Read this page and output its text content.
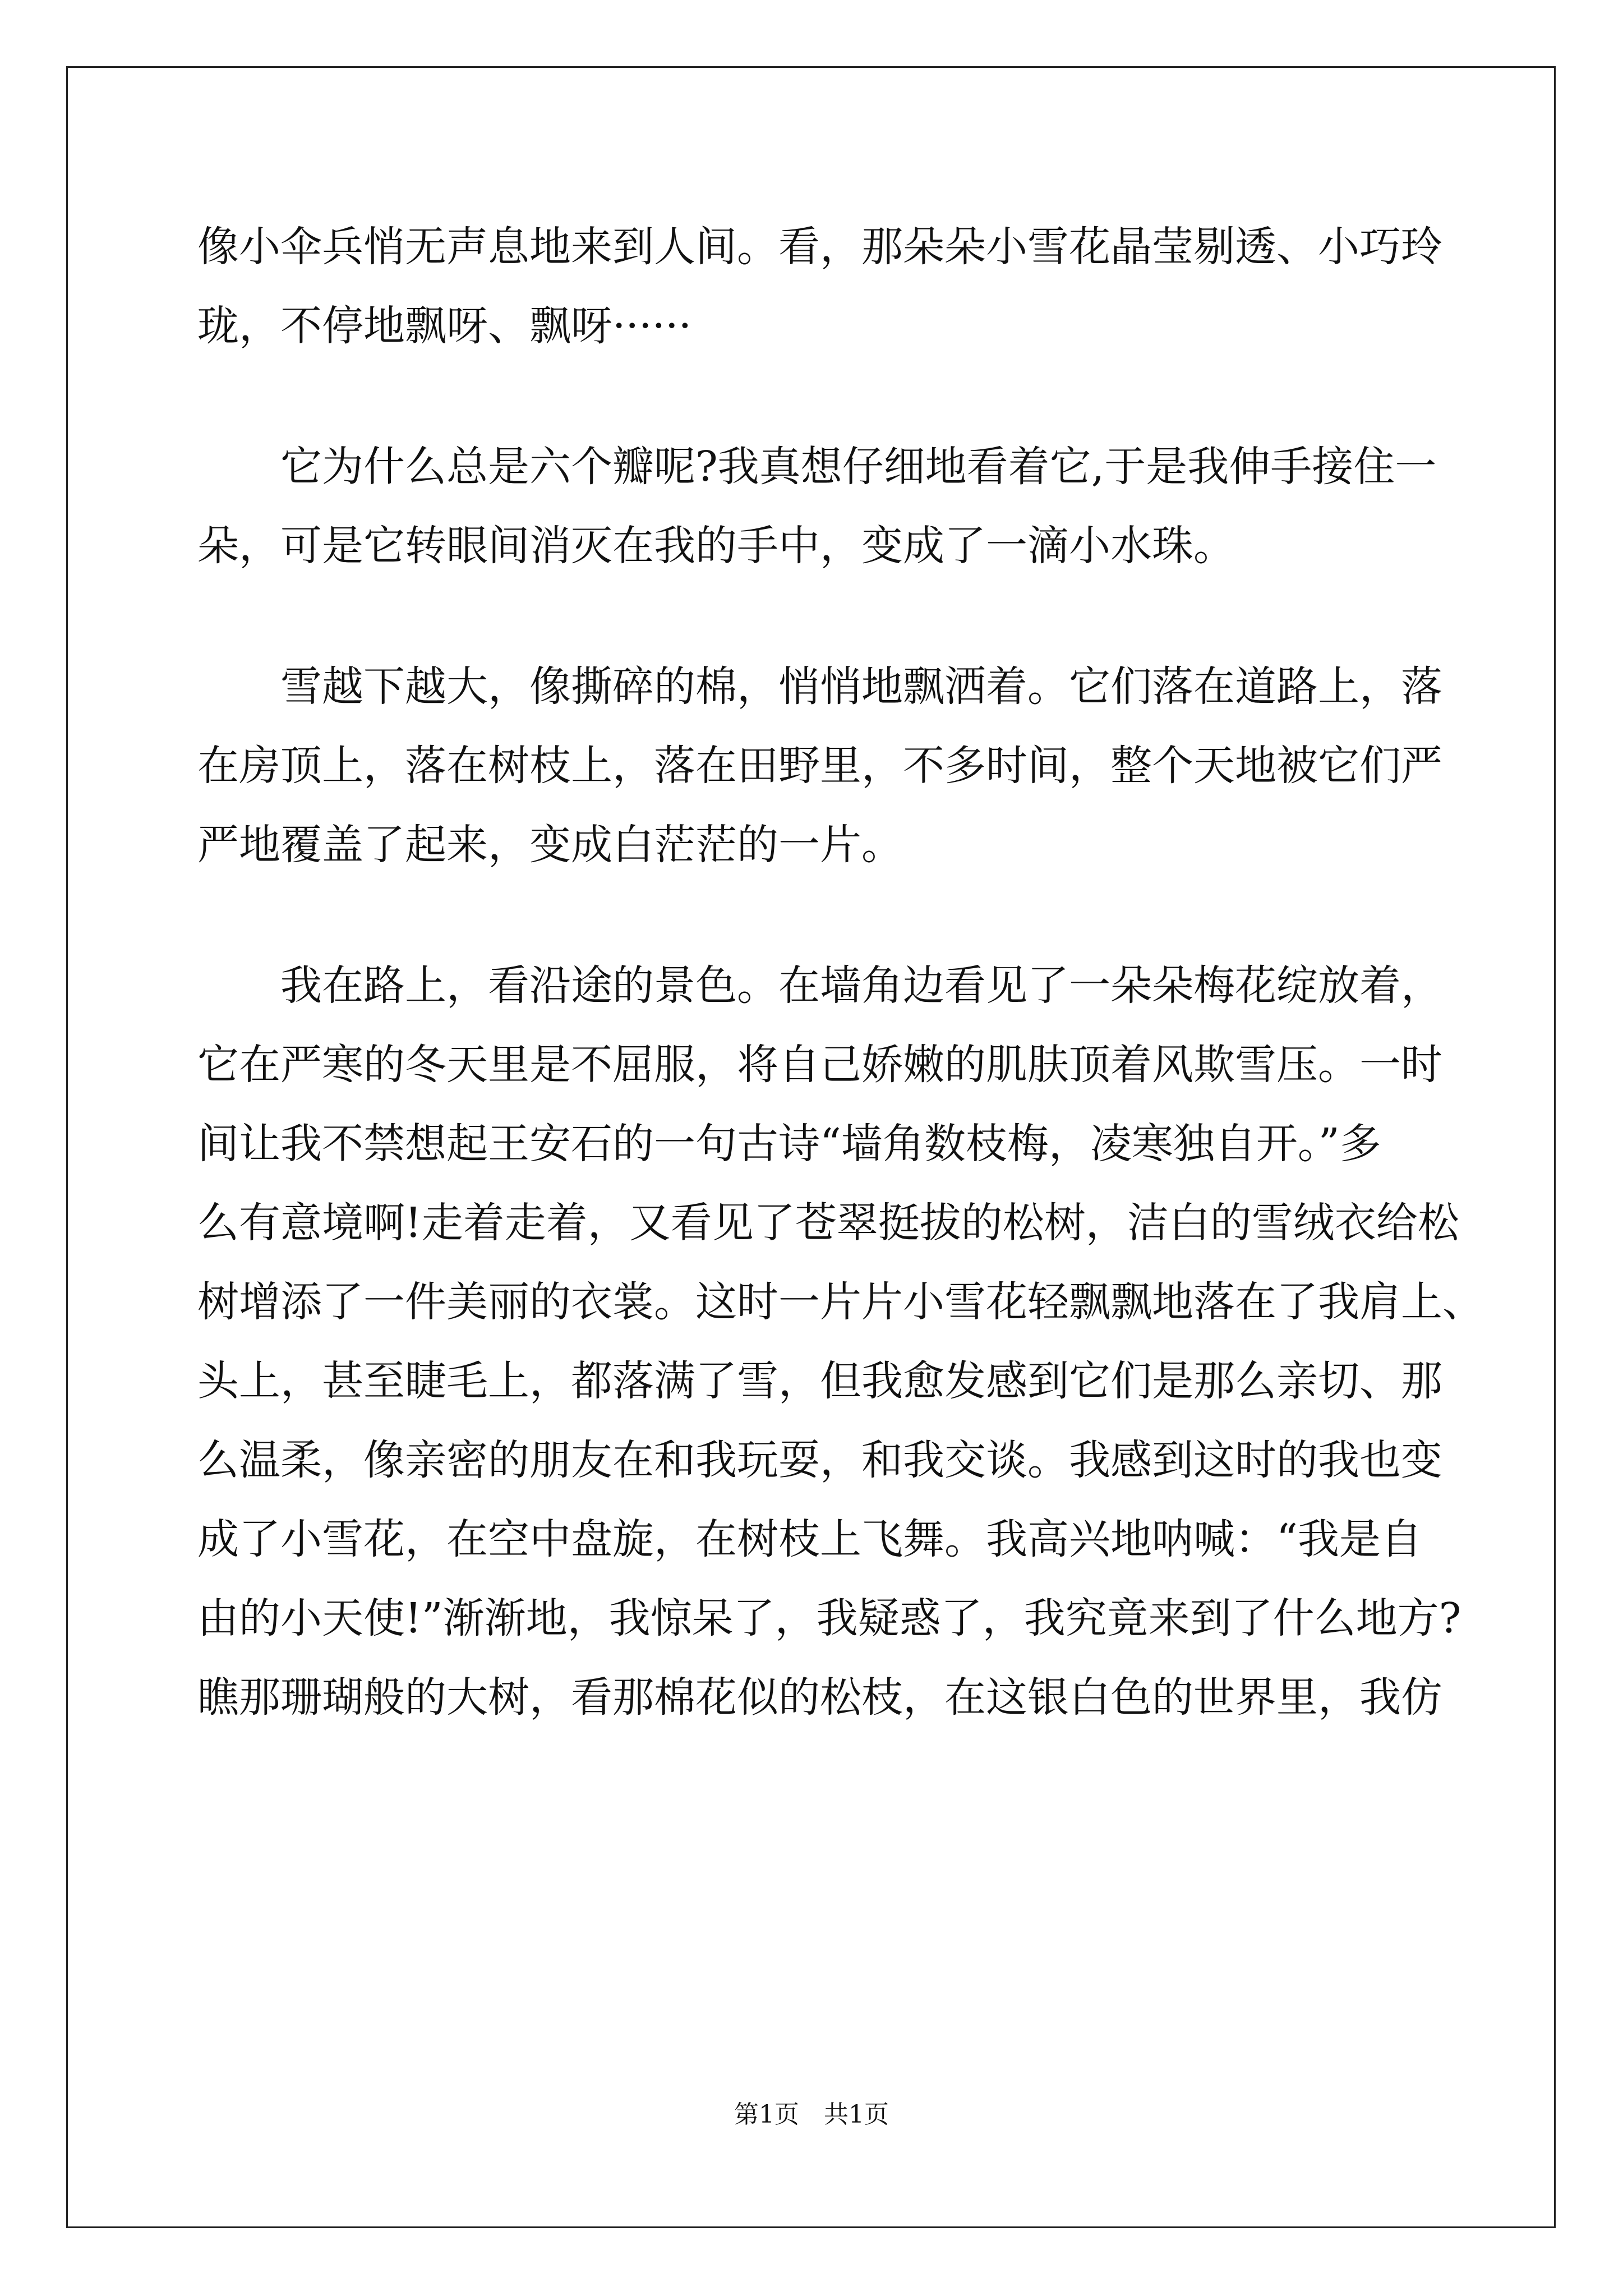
像小伞兵悄无声息地来到人间。看，那朵朵小雪花晶莹剔透、小巧玲
珑，不停地飘呀、飘呀······
　　它为什么总是六个瓣呢?我真想仔细地看着它,于是我伸手接住一
朵，可是它转眼间消灭在我的手中，变成了一滴小水珠。
　　雪越下越大，像撕碎的棉，悄悄地飘洒着。它们落在道路上，落
在房顶上，落在树枝上，落在田野里，不多时间，整个天地被它们严
严地覆盖了起来，变成白茫茫的一片。
　　我在路上，看沿途的景色。在墙角边看见了一朵朵梅花绽放着，
它在严寒的冬天里是不屈服，将自己娇嫩的肌肤顶着风欺雪压。一时
间让我不禁想起王安石的一句古诗“墙角数枝梅，凌寒独自开。”多
么有意境啊!走着走着，又看见了苍翠挺拔的松树，洁白的雪绒衣给松
树增添了一件美丽的衣裳。这时一片片小雪花轻飘飘地落在了我肩上、
头上，甚至睫毛上，都落满了雪，但我愈发感到它们是那么亲切、那
么温柔，像亲密的朋友在和我玩耍，和我交谈。我感到这时的我也变
成了小雪花，在空中盘旋，在树枝上飞舞。我高兴地呐喊：“我是自
由的小天使!”渐渐地，我惊呆了，我疑惑了，我究竟来到了什么地方?
瞧那珊瑚般的大树，看那棉花似的松枝，在这银白色的世界里，我仿
第1页　共1页
